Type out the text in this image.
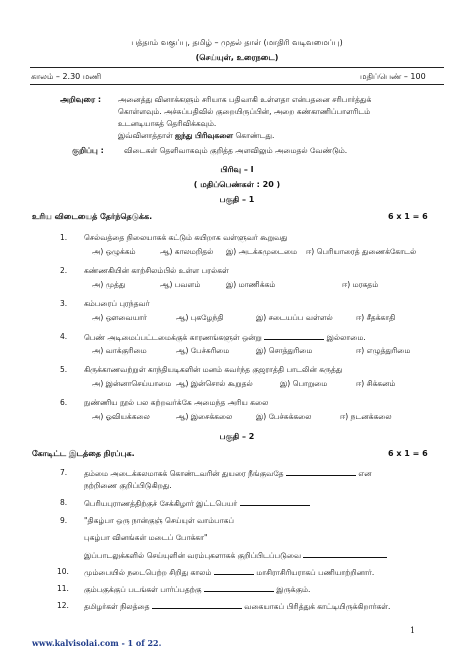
பத்தாம் வகுப்பு, தமிழ் – முதல் தாள் (மாதிரி வடிவமைப்பு)
(செய்யுள், உரைநடை)
காலம் – 2.30 மணி	மதிப்பெண் – 100
அறிவுரை : அனைத்து வினாக்களும் சரியாக பதிவாகி உள்ளதா என்பதனை சரிபார்த்துக்
கொள்ளவும். அச்சுப்பதிவில் குறையிருப்பின், அறை கண்காணிப்பாளரிடம்
உடனடியாகத் தெரிவிக்கவும்.
இவ்வினாத்தாள் ஐந்து பிரிவுகளை கொண்டது.
குறிப்பு :	விடைகள் தெளிவாகவும் குறித்த அளவிலும் அமைதல் வேண்டும்.
பிரிவு – I
( மதிப்பெண்கள் : 20 )
பகுதி – 1
உரிய விடையைத் தேர்ந்தெடுக்க.	6 x 1 = 6
1. செல்வத்தை நிலையாகக் கட்டும் கயிறாக வள்ளுவர் கூறுவது
அ) ஒழுக்கம்	ஆ) காலமறிதல் இ) அடக்கமுடைமை ஈ) பெரியாரைத் துணைக்கோடல்
2. கண்ணகியின் காற்சிலம்பில் உள்ள பரல்கள்
அ) முத்து	ஆ) பவளம்	இ) மாணிக்கம்	ஈ) மரகதம்
3. கம்பரைப் புரந்தவர்
அ) ஔவையார்	ஆ) புகழேந்தி	இ) சடையப்ப வள்ளல்	ஈ) சீதக்காதி
4. பெண் அடிமைப்பட்டமைக்குக் காரணங்களுள் ஒன்று	இல்லாமை.
அ) வாக்குரிமை	ஆ) பேச்சுரிமை	இ) சொத்துரிமை	ஈ) எழுத்துரிமை
5. கிருக்காணவற்றுள் காந்தியடிகளின் மனம் கவர்ந்த குஜராத்தி பாடலின் கருத்து
அ) இன்னாசெய்யாமை ஆ) இன்சொல் கூறுதல்	இ) பொறுமை	ஈ) சிக்கனம்
6. நுண்ணிய நூல் பல கற்றவர்க்கே அமைந்த அரிய கலை
அ) ஓவியக்கலை	ஆ) இசைக்கலை	இ) பேச்சுக்கலை	ஈ) நடனக்கலை
பகுதி – 2
கோடிட்ட இடத்தை நிரப்புக.	6 x 1 = 6
7. தம்மை அடைக்கலமாகக் கொண்டவரின் துயரை நீங்குவதே	என
நற்றிணை குறிப்பிடுகிறது.
8. பெரியபுராணத்திற்குச் சேக்கிழார் இட்டபெயர்
9. "திகழ்பா ஒரு நான்குஞ் செய்யுள் வாம்பாகப்
புகழ்பா வினங்கள் மடைப் போக்கா"
இப்பாடலுக்களில் செய்யுளின் வரம்புகளாகக் குறிப்பிடப்படுவை
10. மும்பையில் நடைபெற்ற சிறிது காலம்	மாசிராசிரியராகப் பணியாற்றினார்.
11. கும்பகுக்குப் படங்கள் பார்ப்பதற்கு	இருக்கும்.
12. தமிழர்கள் நிலத்தை	வகையாகப் பிரித்துக் காட்டியிருக்கிறார்கள்.
1
www.kalvisolai.com - 1 of 22.
